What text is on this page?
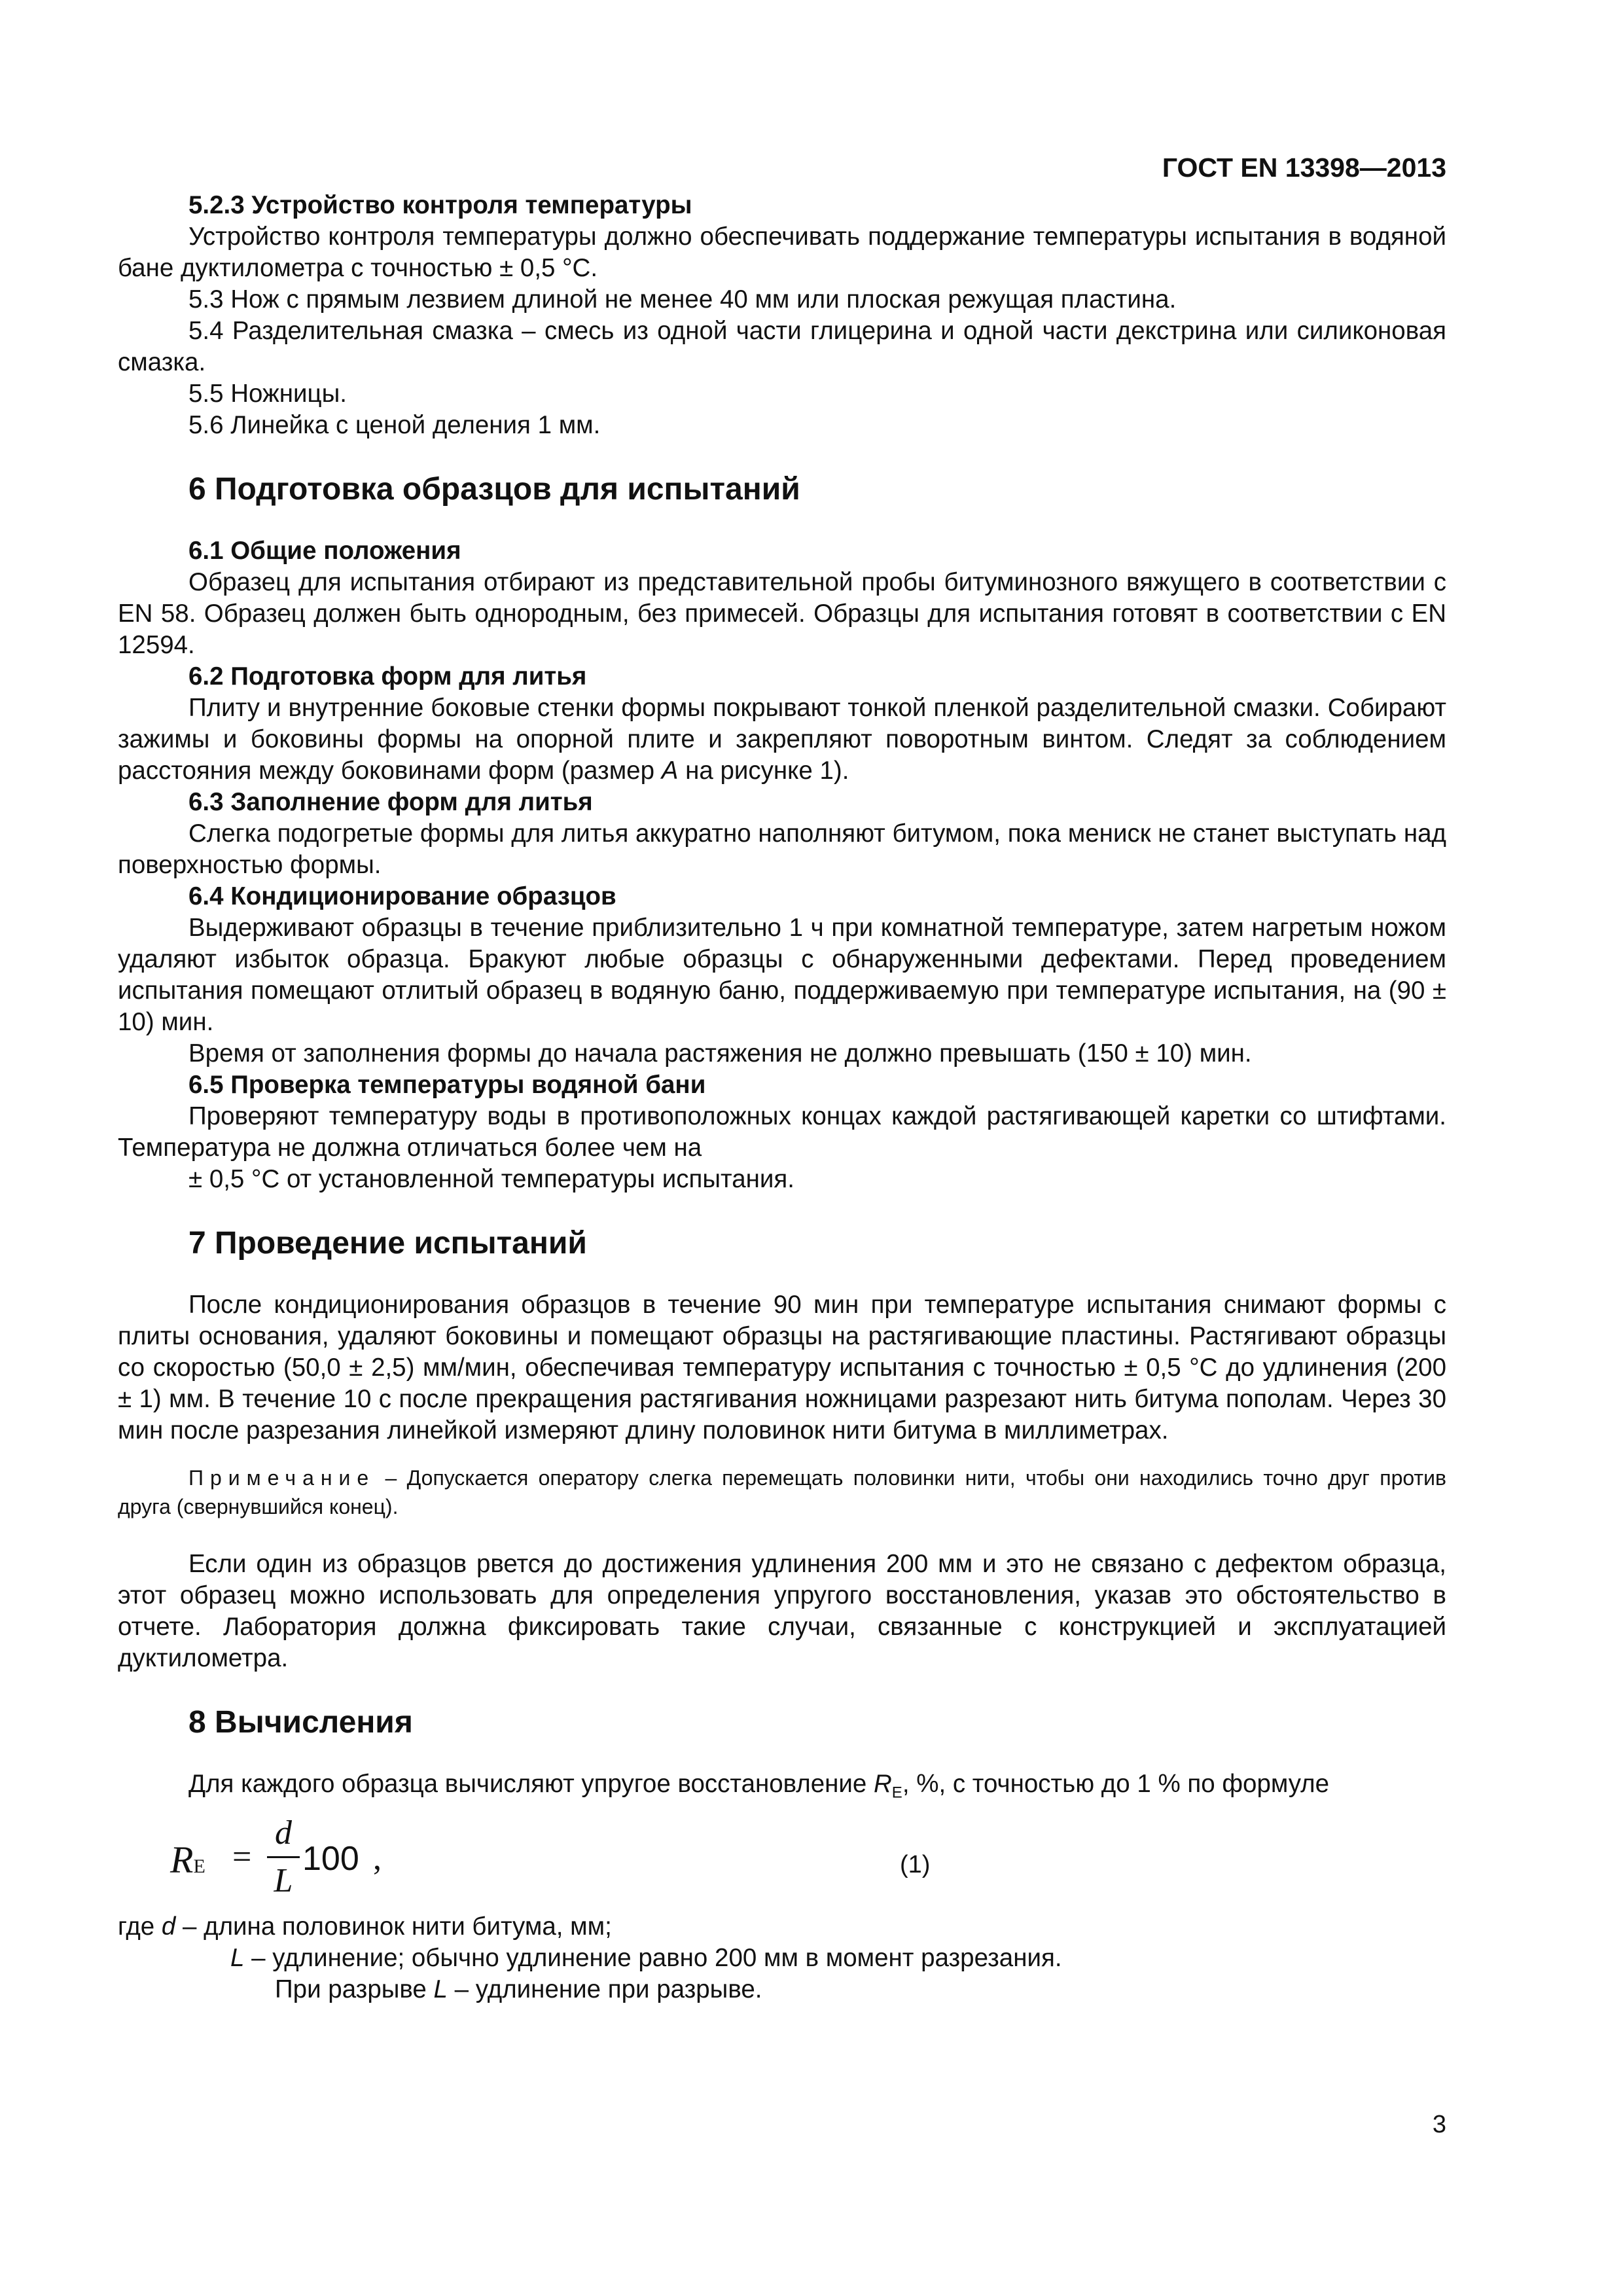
ГОСТ EN 13398—2013

5.2.3 Устройство контроля температуры

Устройство контроля температуры должно обеспечивать поддержание температуры испытания в водяной бане дуктилометра с точностью ± 0,5 °С.

5.3 Нож с прямым лезвием длиной не менее 40 мм или плоская режущая пластина.

5.4 Разделительная смазка – смесь из одной части глицерина и одной части декстрина или силиконовая смазка.

5.5 Ножницы.

5.6 Линейка с ценой деления 1 мм.

6 Подготовка образцов для испытаний

6.1 Общие положения

Образец для испытания отбирают из представительной пробы битуминозного вяжущего в соответствии с EN 58. Образец должен быть однородным, без примесей. Образцы для испытания готовят в соответствии с EN 12594.

6.2 Подготовка форм для литья

Плиту и внутренние боковые стенки формы покрывают тонкой пленкой разделительной смазки. Собирают зажимы и боковины формы на опорной плите и закрепляют поворотным винтом. Следят за соблюдением расстояния между боковинами форм (размер А на рисунке 1).

6.3 Заполнение форм для литья

Слегка подогретые формы для литья аккуратно наполняют битумом, пока мениск не станет выступать над поверхностью формы.

6.4 Кондиционирование образцов

Выдерживают образцы в течение приблизительно 1 ч при комнатной температуре, затем нагретым ножом удаляют избыток образца. Бракуют любые образцы с обнаруженными дефектами. Перед проведением испытания помещают отлитый образец в водяную баню, поддерживаемую при температуре испытания, на (90 ± 10) мин.

Время от заполнения формы до начала растяжения не должно превышать (150 ± 10) мин.

6.5 Проверка температуры водяной бани

Проверяют температуру воды в противоположных концах каждой растягивающей каретки со штифтами. Температура не должна отличаться более чем на

± 0,5 °С от установленной температуры испытания.

7 Проведение испытаний

После кондиционирования образцов в течение 90 мин при температуре испытания снимают формы с плиты основания, удаляют боковины и помещают образцы на растягивающие пластины. Растягивают образцы со скоростью (50,0 ± 2,5) мм/мин, обеспечивая температуру испытания с точностью ± 0,5 °С до удлинения (200 ± 1) мм. В течение 10 с после прекращения растягивания ножницами разрезают нить битума пополам. Через 30 мин после разрезания линейкой измеряют длину половинок нити битума в миллиметрах.

Примечание – Допускается оператору слегка перемещать половинки нити, чтобы они находились точно друг против друга (свернувшийся конец).

Если один из образцов рвется до достижения удлинения 200 мм и это не связано с дефектом образца, этот образец можно использовать для определения упругого восстановления, указав это обстоятельство в отчете. Лаборатория должна фиксировать такие случаи, связанные с конструкцией и эксплуатацией дуктилометра.

8 Вычисления

Для каждого образца вычисляют упругое восстановление $R_E$, %, с точностью до 1 % по формуле

RE =
d
L
100 ,	(1)

где d – длина половинок нити битума, мм;

L – удлинение; обычно удлинение равно 200 мм в момент разрезания.

При разрыве L – удлинение при разрыве.

3
